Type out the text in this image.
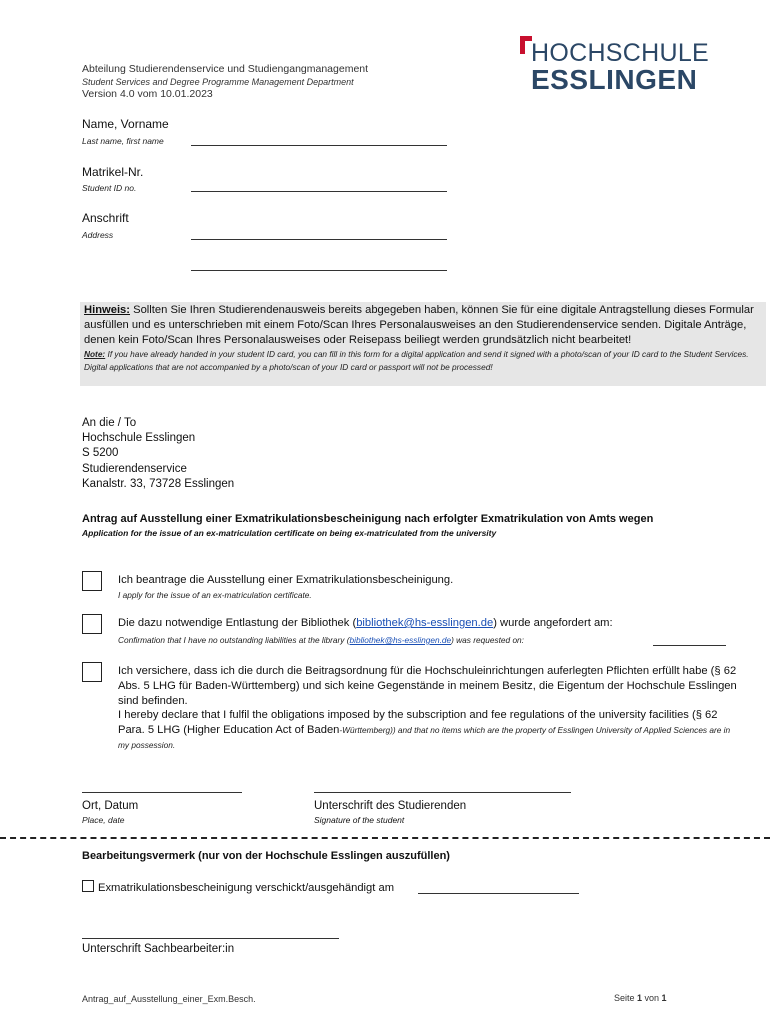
Abteilung Studierendenservice und Studiengangmanagement
Student Services and Degree Programme Management Department
Version 4.0 vom 10.01.2023
HOCHSCHULE
ESSLINGEN
Name, Vorname
Last name, first name
Matrikel-Nr.
Student ID no.
Anschrift
Address

Hinweis: Sollten Sie Ihren Studierendenausweis bereits abgegeben haben, können Sie für eine digitale Antragstellung dieses Formular ausfüllen und es unterschrieben mit einem Foto/Scan Ihres Personalausweises an den Studierendenservice senden. Digitale Anträge, denen kein Foto/Scan Ihres Personalausweises oder Reisepass beiliegt werden grundsätzlich nicht bearbeitet!

Note: If you have already handed in your student ID card, you can fill in this form for a digital application and send it signed with a photo/scan of your ID card to the Student Services. Digital applications that are not accompanied by a photo/scan of your ID card or passport will not be processed!

An die / To
Hochschule Esslingen
S 5200
Studierendenservice
Kanalstr. 33, 73728 Esslingen
Antrag auf Ausstellung einer Exmatrikulationsbescheinigung nach erfolgter Exmatrikulation von Amts wegen
Application for the issue of an ex-matriculation certificate on being ex-matriculated from the university
Ich beantrage die Ausstellung einer Exmatrikulationsbescheinigung.
I apply for the issue of an ex-matriculation certificate.
Die dazu notwendige Entlastung der Bibliothek (bibliothek@hs-esslingen.de) wurde angefordert am:
Confirmation that I have no outstanding liabilities at the library (bibliothek@hs-esslingen.de) was requested on:
Ich versichere, dass ich die durch die Beitragsordnung für die Hochschuleinrichtungen auferlegten Pflichten erfüllt habe (§ 62 Abs. 5 LHG für Baden-Württemberg) und sich keine Gegenstände in meinem Besitz, die Eigentum der Hochschule Esslingen sind befinden.
I hereby declare that I fulfil the obligations imposed by the subscription and fee regulations of the university facilities (§ 62 Para. 5 LHG (Higher Education Act of Baden-Württemberg)) and that no items which are the property of Esslingen University of Applied Sciences are in my possession.
Ort, Datum
Place, date
Unterschrift des Studierenden
Signature of the student
Bearbeitungsvermerk (nur von der Hochschule Esslingen auszufüllen)
Exmatrikulationsbescheinigung verschickt/ausgehändigt am
Unterschrift Sachbearbeiter:in
Antrag_auf_Ausstellung_einer_Exm.Besch.	Seite 1 von 1
